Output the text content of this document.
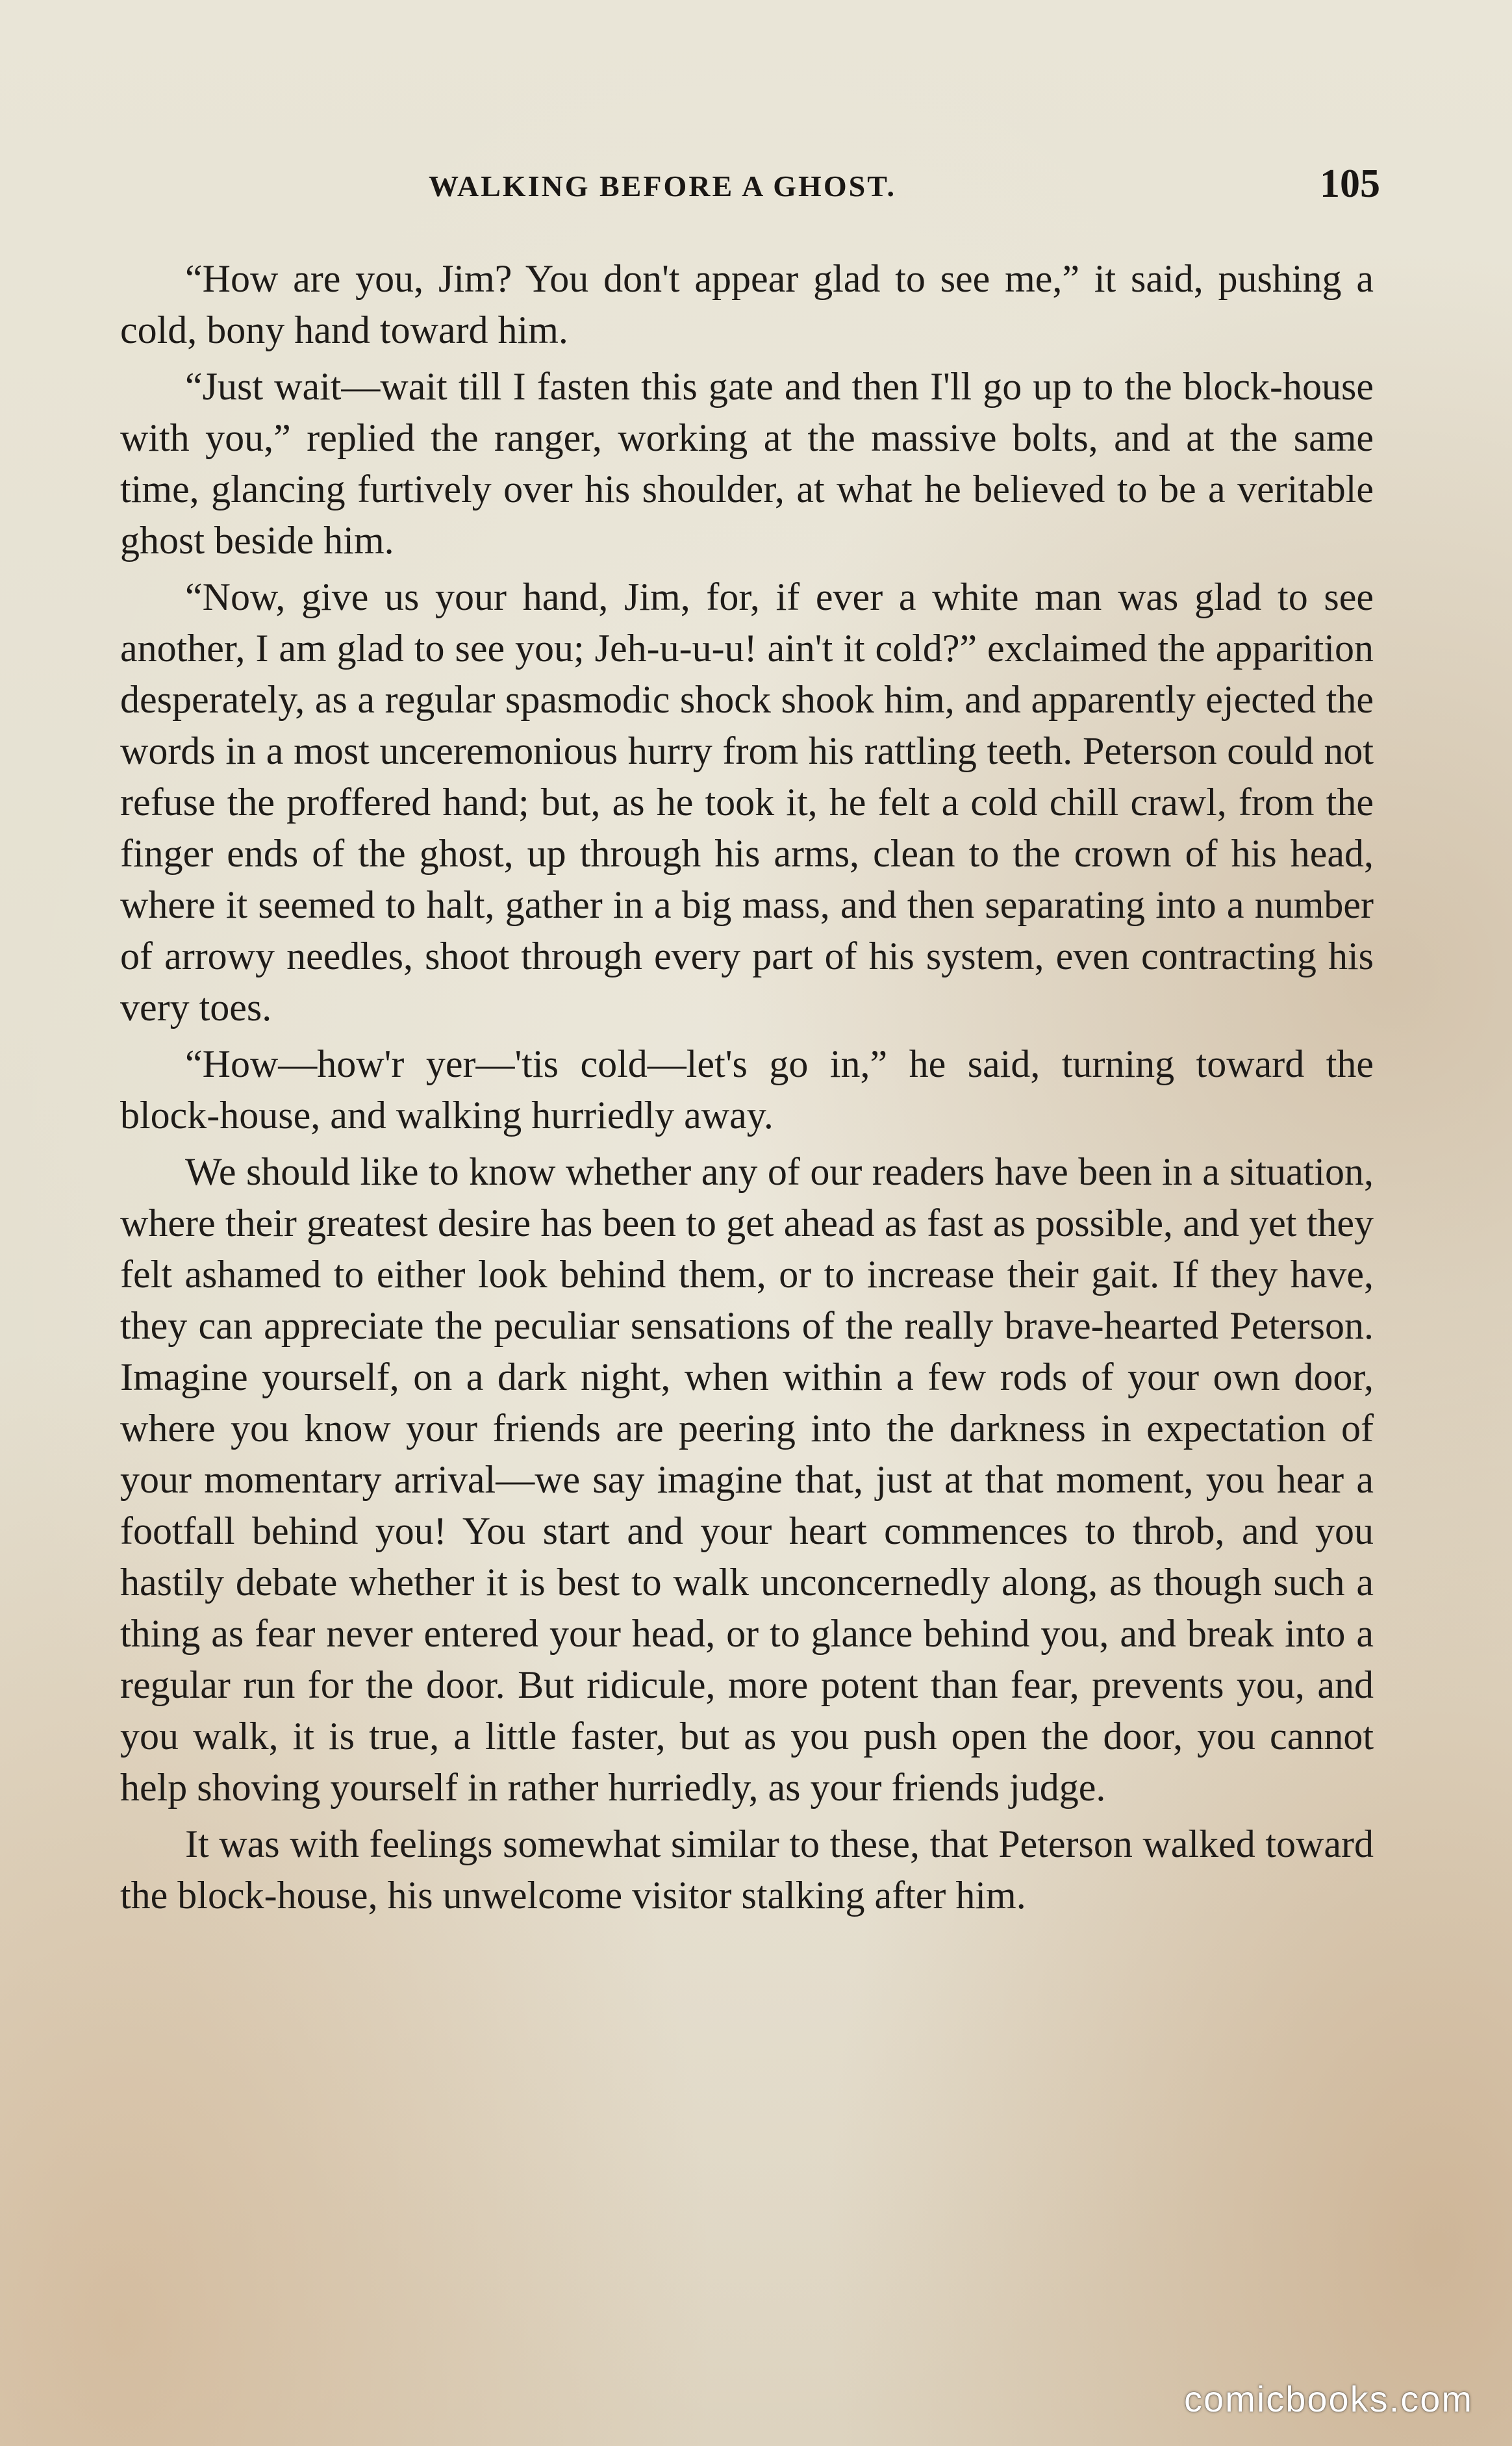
WALKING BEFORE A GHOST.	105

“How are you, Jim? You don't appear glad to see me,” it said, pushing a cold, bony hand toward him.

“Just wait—wait till I fasten this gate and then I'll go up to the block-house with you,” replied the ranger, working at the massive bolts, and at the same time, glancing furtively over his shoulder, at what he believed to be a veritable ghost beside him.

“Now, give us your hand, Jim, for, if ever a white man was glad to see another, I am glad to see you; Jeh-u-u-u! ain't it cold?” exclaimed the apparition desperately, as a regular spasmodic shock shook him, and apparently ejected the words in a most unceremonious hurry from his rattling teeth. Peterson could not refuse the proffered hand; but, as he took it, he felt a cold chill crawl, from the finger ends of the ghost, up through his arms, clean to the crown of his head, where it seemed to halt, gather in a big mass, and then separating into a number of arrowy needles, shoot through every part of his system, even contracting his very toes.

“How—how'r yer—'tis cold—let's go in,” he said, turning toward the block-house, and walking hurriedly away.

We should like to know whether any of our readers have been in a situation, where their greatest desire has been to get ahead as fast as possible, and yet they felt ashamed to either look behind them, or to increase their gait. If they have, they can appreciate the peculiar sensations of the really brave-hearted Peterson. Imagine yourself, on a dark night, when within a few rods of your own door, where you know your friends are peering into the darkness in expectation of your momentary arrival—we say imagine that, just at that moment, you hear a footfall behind you! You start and your heart commences to throb, and you hastily debate whether it is best to walk unconcernedly along, as though such a thing as fear never entered your head, or to glance behind you, and break into a regular run for the door. But ridicule, more potent than fear, prevents you, and you walk, it is true, a little faster, but as you push open the door, you cannot help shoving yourself in rather hurriedly, as your friends judge.

It was with feelings somewhat similar to these, that Peterson walked toward the block-house, his unwelcome visitor stalking after him.

comicbooks.com
